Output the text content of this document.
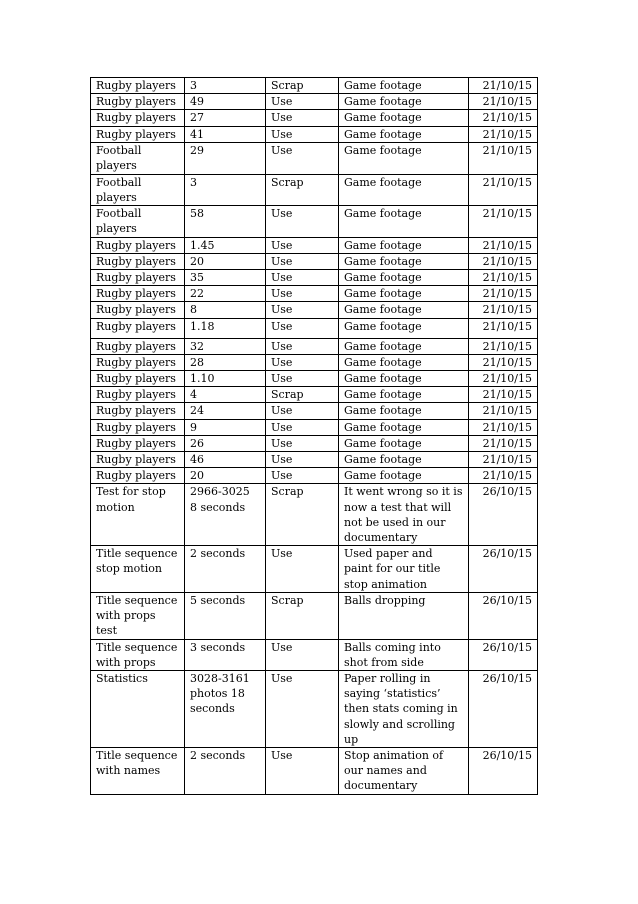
Rugby players	3	Scrap	Game footage	21/10/15
Rugby players	49	Use	Game footage	21/10/15
Rugby players	27	Use	Game footage	21/10/15
Rugby players	41	Use	Game footage	21/10/15
Football players	29	Use	Game footage	21/10/15
Football players	3	Scrap	Game footage	21/10/15
Football players	58	Use	Game footage	21/10/15
Rugby players	1.45	Use	Game footage	21/10/15
Rugby players	20	Use	Game footage	21/10/15
Rugby players	35	Use	Game footage	21/10/15
Rugby players	22	Use	Game footage	21/10/15
Rugby players	8	Use	Game footage	21/10/15
Rugby players	1.18	Use	Game footage	21/10/15
Rugby players	32	Use	Game footage	21/10/15
Rugby players	28	Use	Game footage	21/10/15
Rugby players	1.10	Use	Game footage	21/10/15
Rugby players	4	Scrap	Game footage	21/10/15
Rugby players	24	Use	Game footage	21/10/15
Rugby players	9	Use	Game footage	21/10/15
Rugby players	26	Use	Game footage	21/10/15
Rugby players	46	Use	Game footage	21/10/15
Rugby players	20	Use	Game footage	21/10/15
Test for stop motion	2966-3025 8 seconds	Scrap	It went wrong so it is now a test that will not be used in our documentary	26/10/15
Title sequence stop motion	2 seconds	Use	Used paper and paint for our title stop animation	26/10/15
Title sequence with props test	5 seconds	Scrap	Balls dropping	26/10/15
Title sequence with props	3 seconds	Use	Balls coming into shot from side	26/10/15
Statistics	3028-3161 photos 18 seconds	Use	Paper rolling in saying ‘statistics’ then stats coming in slowly and scrolling up	26/10/15
Title sequence with names	2 seconds	Use	Stop animation of our names and documentary	26/10/15
